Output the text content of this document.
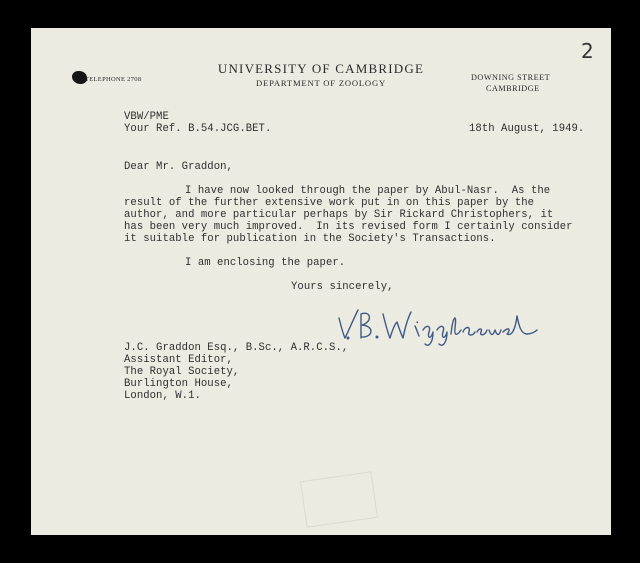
2
TELEPHONE 2708
UNIVERSITY OF CAMBRIDGE
DEPARTMENT OF ZOOLOGY
DOWNING STREET
CAMBRIDGE
VBW/PME
Your Ref. B.54.JCG.BET.	18th August, 1949.
Dear Mr. Graddon,
I have now looked through the paper by Abul-Nasr.  As the
result of the further extensive work put in on this paper by the
author, and more particular perhaps by Sir Rickard Christophers, it
has been very much improved.  In its revised form I certainly consider
it suitable for publication in the Society's Transactions.
I am enclosing the paper.
Yours sincerely,
J.C. Graddon Esq., B.Sc., A.R.C.S.,
Assistant Editor,
The Royal Society,
Burlington House,
London, W.1.
